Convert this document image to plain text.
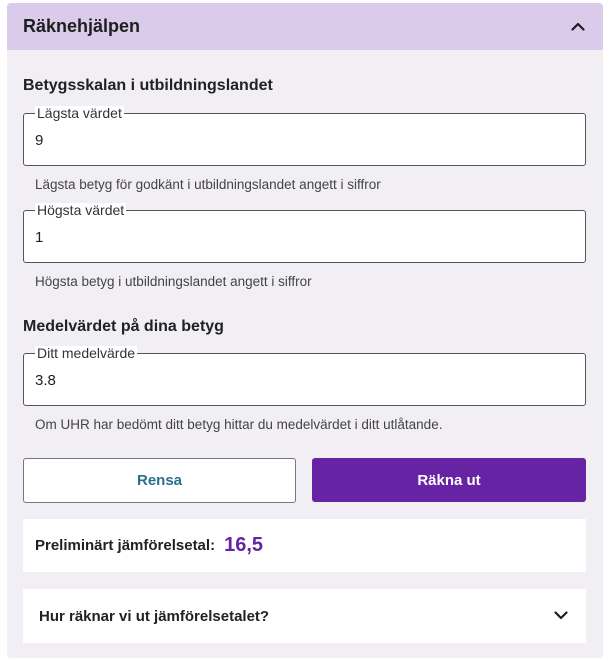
Räknehjälpen
Betygsskalan i utbildningslandet
Lägsta värdet
9
Lägsta betyg för godkänt i utbildningslandet angett i siffror
Högsta värdet
1
Högsta betyg i utbildningslandet angett i siffror
Medelvärdet på dina betyg
Ditt medelvärde
3.8
Om UHR har bedömt ditt betyg hittar du medelvärdet i ditt utlåtande.
Rensa	Räkna ut
Preliminärt jämförelsetal: 16,5
Hur räknar vi ut jämförelsetalet?
